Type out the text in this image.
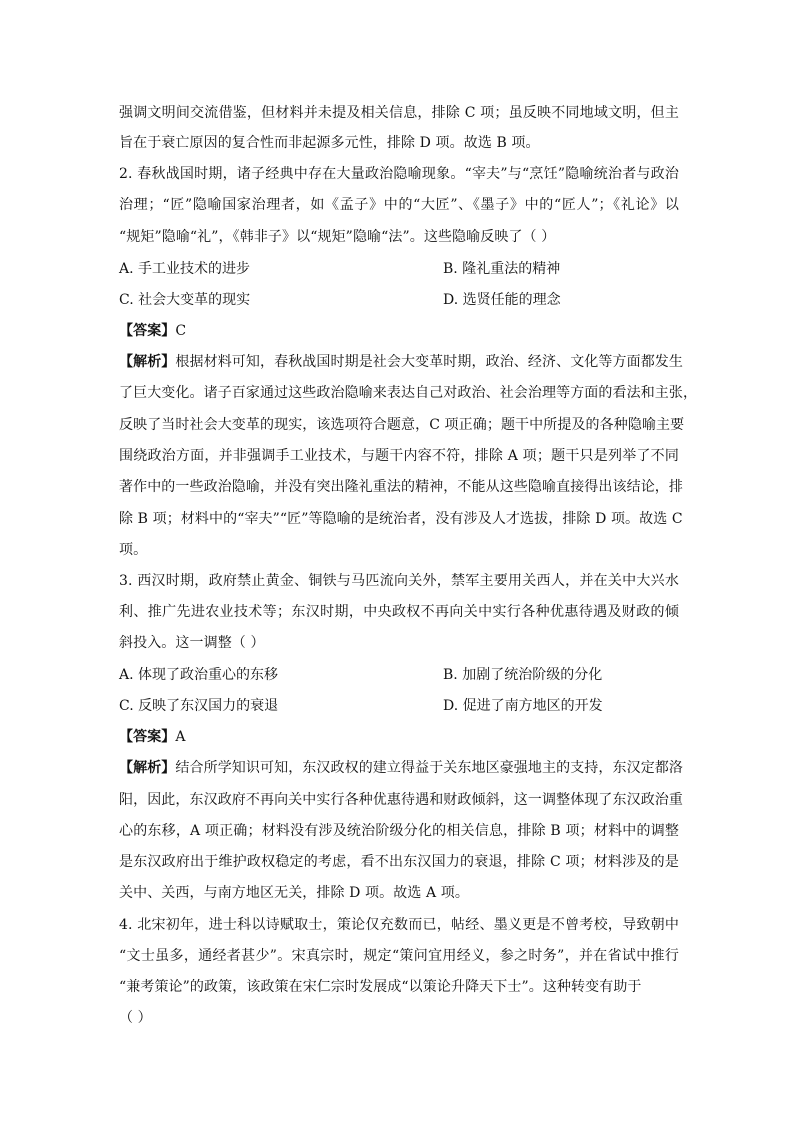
强调文明间交流借鉴，但材料并未提及相关信息，排除 C 项；虽反映不同地域文明，但主
旨在于衰亡原因的复合性而非起源多元性，排除 D 项。故选 B 项。
2. 春秋战国时期，诸子经典中存在大量政治隐喻现象。“宰夫”与“烹饪”隐喻统治者与政治
治理；“匠”隐喻国家治理者，如《孟子》中的“大匠”、《墨子》中的“匠人”；《礼论》以
“规矩”隐喻“礼”，《韩非子》以“规矩”隐喻“法”。这些隐喻反映了（ ）
A. 手工业技术的进步	B. 隆礼重法的精神
C. 社会大变革的现实	D. 选贤任能的理念
【答案】C
【解析】根据材料可知，春秋战国时期是社会大变革时期，政治、经济、文化等方面都发生
了巨大变化。诸子百家通过这些政治隐喻来表达自己对政治、社会治理等方面的看法和主张，
反映了当时社会大变革的现实，该选项符合题意，C 项正确；题干中所提及的各种隐喻主要
围绕政治方面，并非强调手工业技术，与题干内容不符，排除 A 项；题干只是列举了不同
著作中的一些政治隐喻，并没有突出隆礼重法的精神，不能从这些隐喻直接得出该结论，排
除 B 项；材料中的“宰夫”“匠”等隐喻的是统治者，没有涉及人才选拔，排除 D 项。故选 C
项。
3. 西汉时期，政府禁止黄金、铜铁与马匹流向关外，禁军主要用关西人，并在关中大兴水
利、推广先进农业技术等；东汉时期，中央政权不再向关中实行各种优惠待遇及财政的倾
斜投入。这一调整（ ）
A. 体现了政治重心的东移	B. 加剧了统治阶级的分化
C. 反映了东汉国力的衰退	D. 促进了南方地区的开发
【答案】A
【解析】结合所学知识可知，东汉政权的建立得益于关东地区豪强地主的支持，东汉定都洛
阳，因此，东汉政府不再向关中实行各种优惠待遇和财政倾斜，这一调整体现了东汉政治重
心的东移，A 项正确；材料没有涉及统治阶级分化的相关信息，排除 B 项；材料中的调整
是东汉政府出于维护政权稳定的考虑，看不出东汉国力的衰退，排除 C 项；材料涉及的是
关中、关西，与南方地区无关，排除 D 项。故选 A 项。
4. 北宋初年，进士科以诗赋取士，策论仅充数而已，帖经、墨义更是不曾考校，导致朝中
“文士虽多，通经者甚少”。宋真宗时，规定“策问宜用经义，参之时务”，并在省试中推行
“兼考策论”的政策，该政策在宋仁宗时发展成“以策论升降天下士”。这种转变有助于
（ ）
